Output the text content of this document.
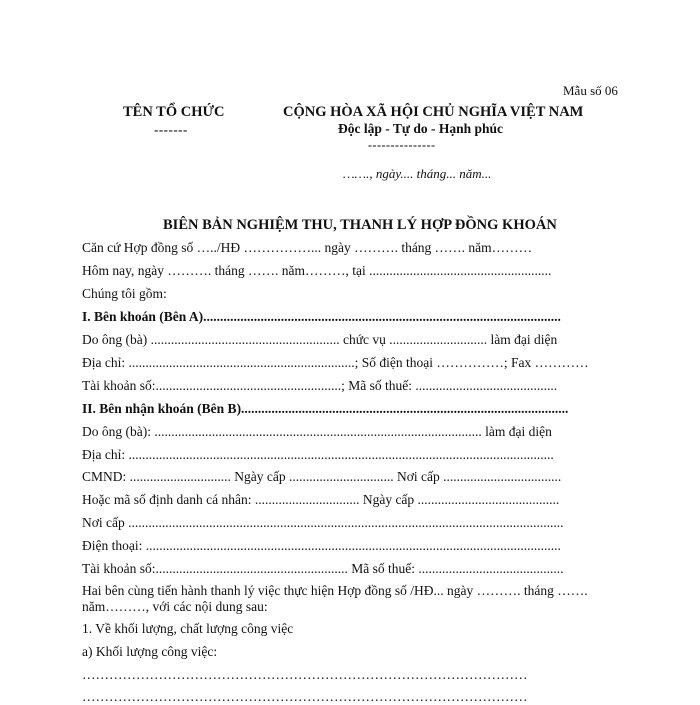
Mẫu số 06
TÊN TỔ CHỨC
-------
CỘNG HÒA XÃ HỘI CHỦ NGHĨA VIỆT NAM
Độc lập - Tự do - Hạnh phúc
---------------
……., ngày.... tháng... năm...
BIÊN BẢN NGHIỆM THU, THANH LÝ HỢP ĐỒNG KHOÁN
Căn cứ Hợp đồng số …../HĐ ……………... ngày ………. tháng ……. năm………
Hôm nay, ngày ………. tháng ……. năm………, tại ......................................................
Chúng tôi gồm:
I. Bên khoán (Bên A)..........................................................................................................
Do ông (bà) ........................................................ chức vụ ............................. làm đại diện
Địa chỉ: ...................................................................; Số điện thoại ……………; Fax …………
Tài khoản số:.......................................................; Mã số thuế: ..........................................
II. Bên nhận khoán (Bên B).................................................................................................
Do ông (bà): ................................................................................................. làm đại diện
Địa chỉ: ..............................................................................................................................
CMND: .............................. Ngày cấp ............................... Nơi cấp ...................................
Hoặc mã số định danh cá nhân: ............................... Ngày cấp ..........................................
Nơi cấp .................................................................................................................................
Điện thoại: ...........................................................................................................................
Tài khoản số:......................................................... Mã số thuế: ...........................................
Hai bên cùng tiến hành thanh lý việc thực hiện Hợp đồng số /HĐ... ngày ………. tháng …….
năm………, với các nội dung sau:
1. Về khối lượng, chất lượng công việc
a) Khối lượng công việc:
………………………………………………………………………………………
………………………………………………………………………………………
